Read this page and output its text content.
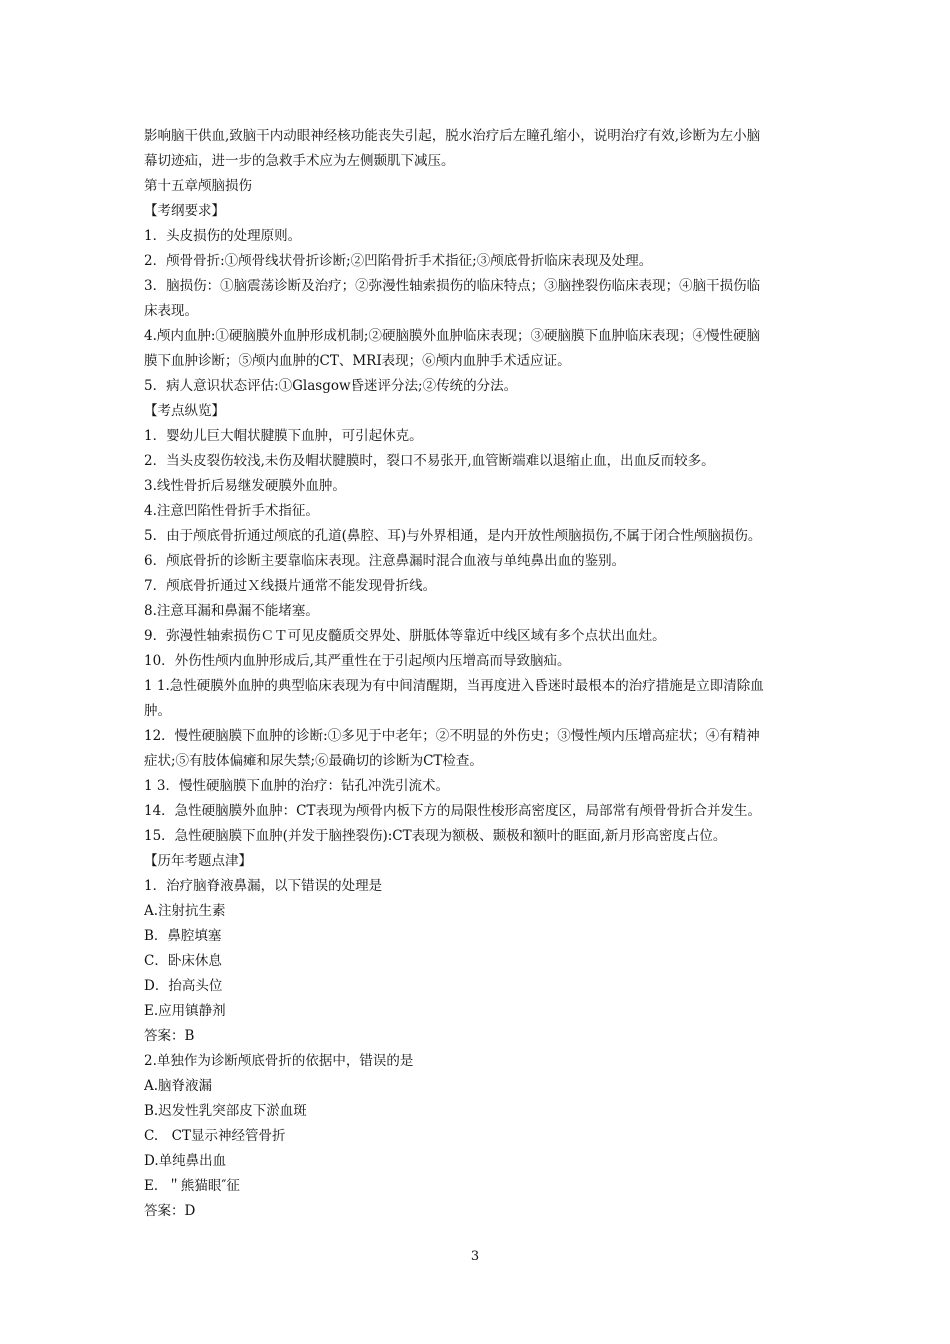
影响脑干供血,致脑干内动眼神经核功能丧失引起，脱水治疗后左瞳孔缩小，说明治疗有效,诊断为左小脑
幕切迹疝，进一步的急救手术应为左侧颞肌下减压。
第十五章颅脑损伤
【考纲要求】
1．头皮损伤的处理原则。
2．颅骨骨折:①颅骨线状骨折诊断;②凹陷骨折手术指征;③颅底骨折临床表现及处理。
3．脑损伤：①脑震荡诊断及治疗；②弥漫性轴索损伤的临床特点；③脑挫裂伤临床表现；④脑干损伤临
床表现。
4.颅内血肿:①硬脑膜外血肿形成机制;②硬脑膜外血肿临床表现；③硬脑膜下血肿临床表现；④慢性硬脑
膜下血肿诊断；⑤颅内血肿的CT、MRI表现；⑥颅内血肿手术适应证。
5．病人意识状态评估:①Glasgow昏迷评分法;②传统的分法。
【考点纵览】
1．婴幼儿巨大帽状腱膜下血肿，可引起休克。
2．当头皮裂伤较浅,未伤及帽状腱膜时，裂口不易张开,血管断端难以退缩止血，出血反而较多。
3.线性骨折后易继发硬膜外血肿。
4.注意凹陷性骨折手术指征。
5．由于颅底骨折通过颅底的孔道(鼻腔、耳)与外界相通，是内开放性颅脑损伤,不属于闭合性颅脑损伤。
6．颅底骨折的诊断主要靠临床表现。注意鼻漏时混合血液与单纯鼻出血的鉴别。
7．颅底骨折通过Ｘ线摄片通常不能发现骨折线。
8.注意耳漏和鼻漏不能堵塞。
9．弥漫性轴索损伤ＣＴ可见皮髓质交界处、胼胝体等靠近中线区域有多个点状出血灶。
10．外伤性颅内血肿形成后,其严重性在于引起颅内压增高而导致脑疝。
1 1.急性硬膜外血肿的典型临床表现为有中间清醒期，当再度进入昏迷时最根本的治疗措施是立即清除血
肿。
12．慢性硬脑膜下血肿的诊断:①多见于中老年；②不明显的外伤史；③慢性颅内压增高症状；④有精神
症状;⑤有肢体偏瘫和尿失禁;⑥最确切的诊断为CT检查。
1 3．慢性硬脑膜下血肿的治疗：钻孔冲洗引流术。
14．急性硬脑膜外血肿：CT表现为颅骨内板下方的局限性梭形高密度区，局部常有颅骨骨折合并发生。
15．急性硬脑膜下血肿(并发于脑挫裂伤):CT表现为额极、颞极和额叶的眶面,新月形高密度占位。
【历年考题点津】
1．治疗脑脊液鼻漏，以下错误的处理是
A.注射抗生素
B．鼻腔填塞
C．卧床休息
D．抬高头位
E.应用镇静剂
答案：B
2.单独作为诊断颅底骨折的依据中，错误的是
A.脑脊液漏
B.迟发性乳突部皮下淤血斑
C.　CT显示神经管骨折
D.单纯鼻出血
E．＂熊猫眼″征
答案：D
3
